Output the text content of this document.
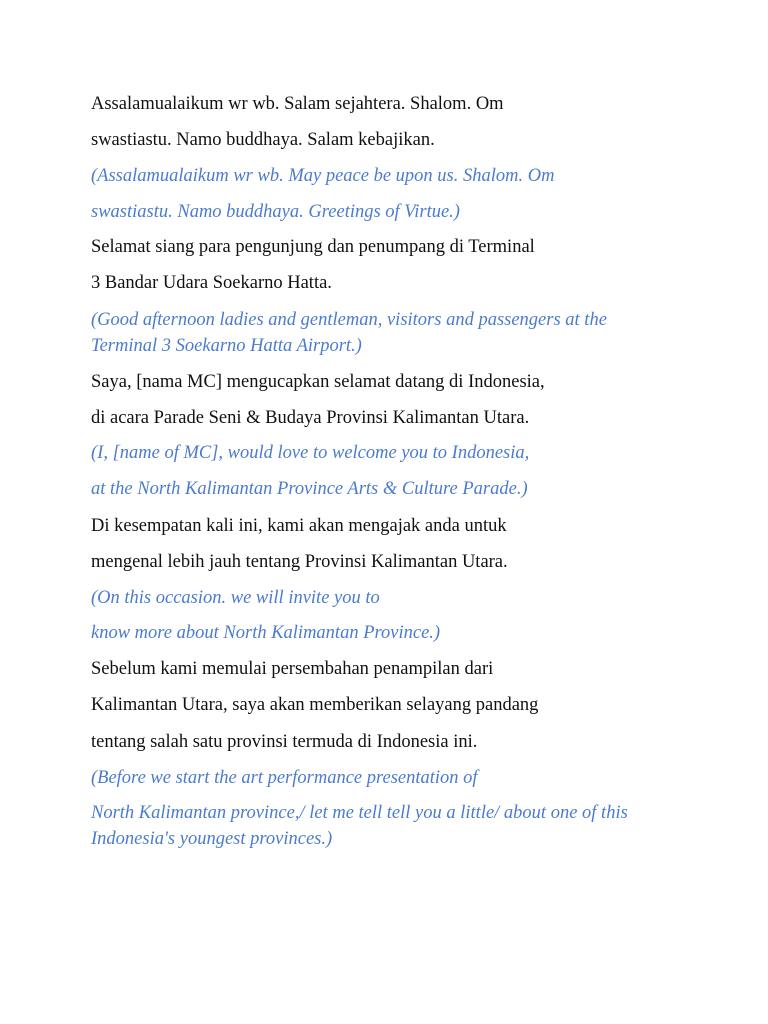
Assalamualaikum wr wb. Salam sejahtera. Shalom. Om
swastiastu. Namo buddhaya. Salam kebajikan.
(Assalamualaikum wr wb. May peace be upon us. Shalom. Om
swastiastu. Namo buddhaya. Greetings of Virtue.)
Selamat siang para pengunjung dan penumpang di Terminal
3 Bandar Udara Soekarno Hatta.
(Good afternoon ladies and gentleman, visitors and passengers at the
Terminal 3 Soekarno Hatta Airport.)
Saya, [nama MC] mengucapkan selamat datang di Indonesia,
di acara Parade Seni & Budaya Provinsi Kalimantan Utara.
(I, [name of MC], would love to welcome you to Indonesia,
at the North Kalimantan Province Arts & Culture Parade.)
Di kesempatan kali ini, kami akan mengajak anda untuk
mengenal lebih jauh tentang Provinsi Kalimantan Utara.
(On this occasion. we will invite you to
know more about North Kalimantan Province.)
Sebelum kami memulai persembahan penampilan dari
Kalimantan Utara, saya akan memberikan selayang pandang
tentang salah satu provinsi termuda di Indonesia ini.
(Before we start the art performance presentation of
North Kalimantan province,/ let me tell tell you a little/ about one of this
Indonesia's youngest provinces.)
